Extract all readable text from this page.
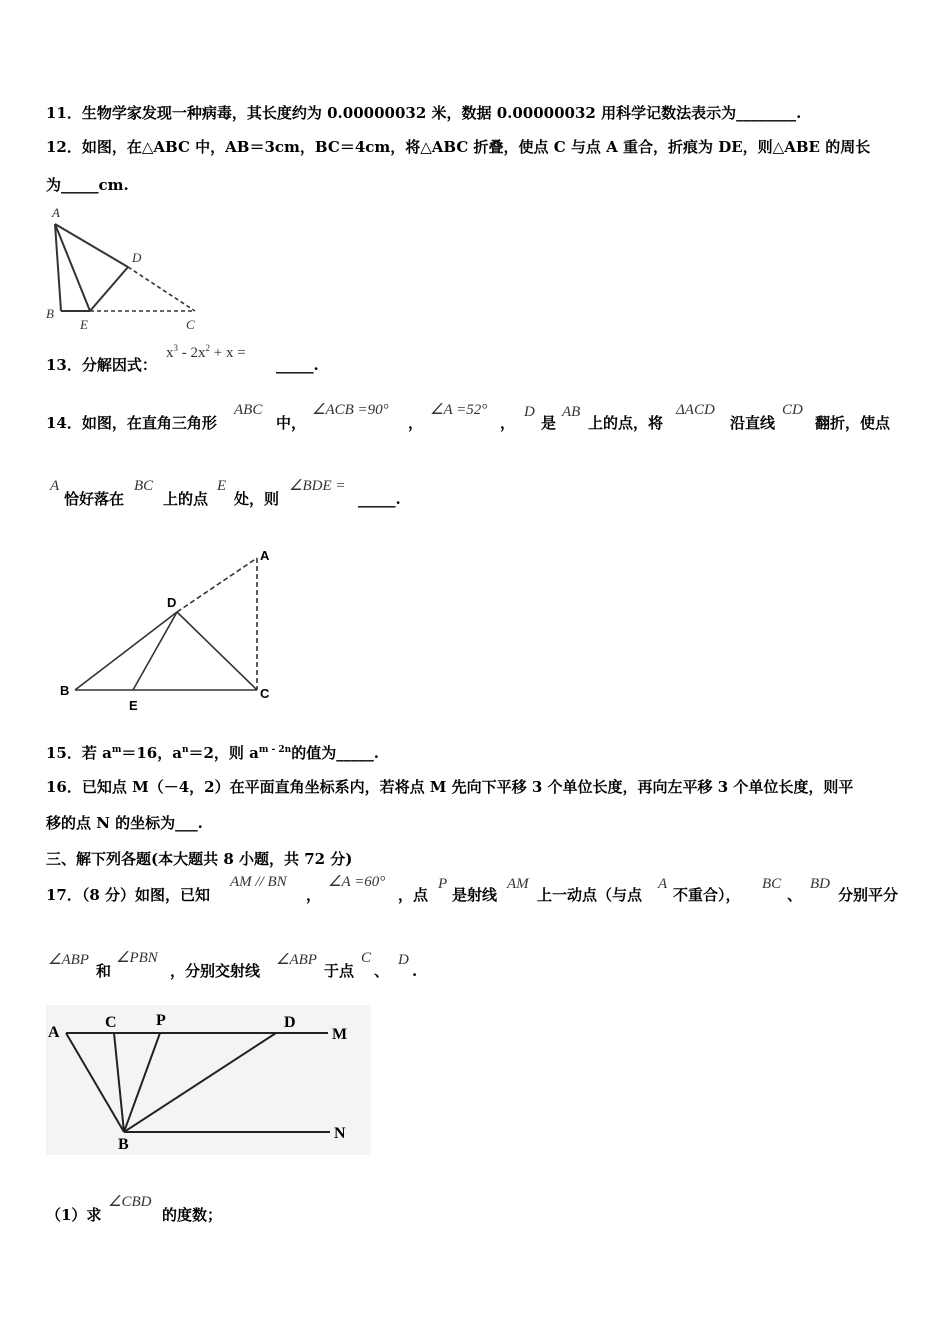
11．生物学家发现一种病毒，其长度约为 0.00000032 米，数据 0.00000032 用科学记数法表示为________.
12．如图，在△ABC 中，AB＝3cm，BC＝4cm，将△ABC 折叠，使点 C 与点 A 重合，折痕为 DE，则△ABE 的周长
为_____cm.
A
D
B
E	C
13．分解因式：
$x^3 - 2x^2 + x$ =
_____.
14．如图，在直角三角形
ABC
中，
∠ACB =90°
，
∠A =52°
，
D
是
AB
上的点，将
ΔACD
沿直线
CD
翻折，使点
A
恰好落在
BC
上的点
E
处，则
∠BDE =
_____.
A
D
B
E
C
15．若 $a^m=16$，$a^n=2$，则 $a^{m - 2n}$的值为_____.
16．已知点 M（－4，2）在平面直角坐标系内，若将点 M 先向下平移 3 个单位长度，再向左平移 3 个单位长度，则平
移的点 N 的坐标为___.
三、解下列各题(本大题共 8 小题，共 72 分)
17．（8 分）如图，已知
AM // BN
，
∠A =60°
，点
P
是射线
AM
上一动点（与点
A
不重合），
BC
、
BD
分别平分
∠ABP
和
∠PBN
，分别交射线
∠ABP
于点
C
、
D
.
A
C P	D
M
B
N
（1）求
∠CBD
的度数；
